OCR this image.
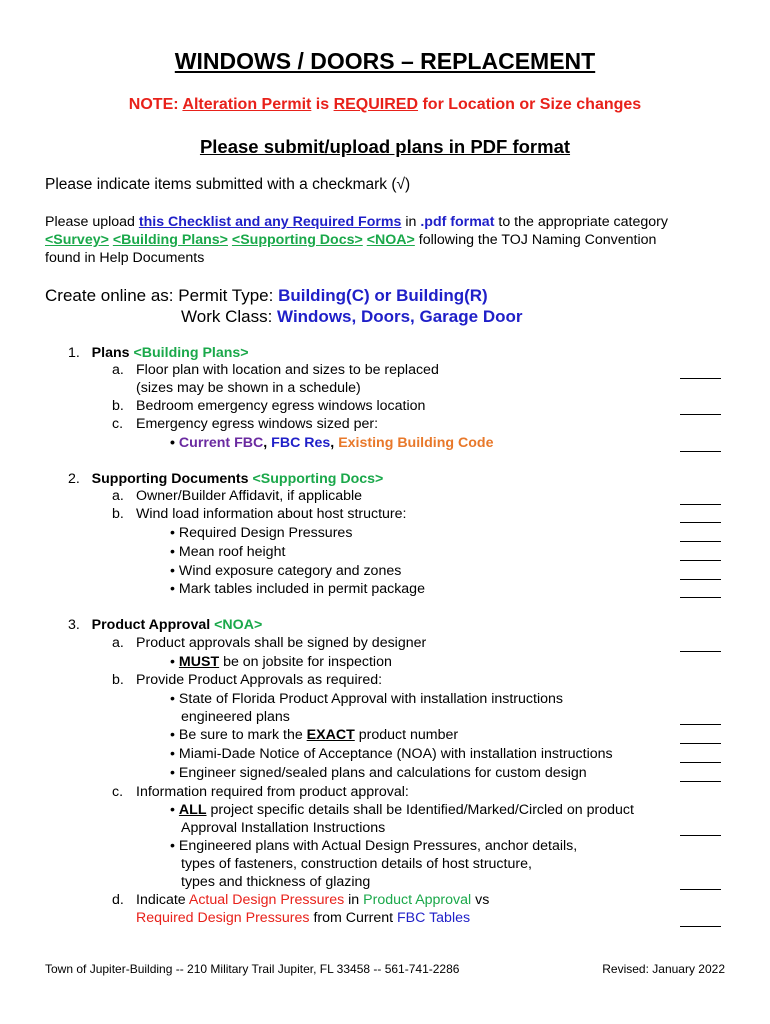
WINDOWS / DOORS – REPLACEMENT
NOTE: Alteration Permit is REQUIRED for Location or Size changes
Please submit/upload plans in PDF format
Please indicate items submitted with a checkmark (√)
Please upload this Checklist and any Required Forms in .pdf format to the appropriate category
<Survey> <Building Plans> <Supporting Docs> <NOA> following the TOJ Naming Convention
found in Help Documents
Create online as: Permit Type: Building(C) or Building(R)
Work Class: Windows, Doors, Garage Door
1. Plans <Building Plans>
a. Floor plan with location and sizes to be replaced
(sizes may be shown in a schedule)
b. Bedroom emergency egress windows location
c. Emergency egress windows sized per:
• Current FBC, FBC Res, Existing Building Code
2. Supporting Documents <Supporting Docs>
a. Owner/Builder Affidavit, if applicable
b. Wind load information about host structure:
• Required Design Pressures
• Mean roof height
• Wind exposure category and zones
• Mark tables included in permit package
3. Product Approval <NOA>
a. Product approvals shall be signed by designer
• MUST be on jobsite for inspection
b. Provide Product Approvals as required:
• State of Florida Product Approval with installation instructions
engineered plans
• Be sure to mark the EXACT product number
• Miami-Dade Notice of Acceptance (NOA) with installation instructions
• Engineer signed/sealed plans and calculations for custom design
c. Information required from product approval:
• ALL project specific details shall be Identified/Marked/Circled on product
Approval Installation Instructions
• Engineered plans with Actual Design Pressures, anchor details,
types of fasteners, construction details of host structure,
types and thickness of glazing
d. Indicate Actual Design Pressures in Product Approval vs
Required Design Pressures from Current FBC Tables
Town of Jupiter-Building -- 210 Military Trail Jupiter, FL 33458 -- 561-741-2286	Revised: January 2022
